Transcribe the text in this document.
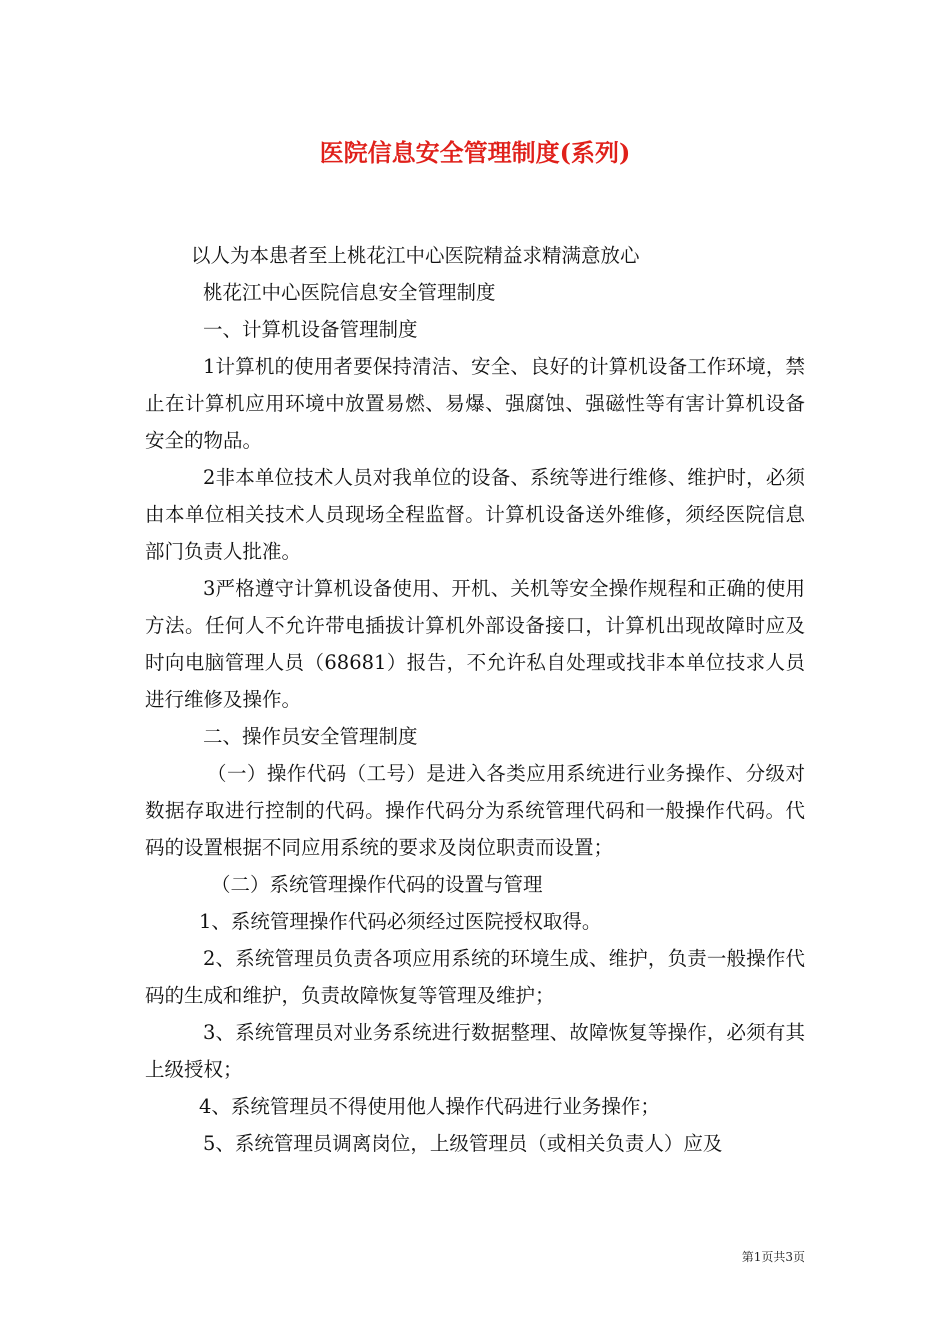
医院信息安全管理制度(系列)

以人为本患者至上桃花江中心医院精益求精满意放心

桃花江中心医院信息安全管理制度

一、计算机设备管理制度

1计算机的使用者要保持清洁、安全、良好的计算机设备工作环境，禁止在计算机应用环境中放置易燃、易爆、强腐蚀、强磁性等有害计算机设备安全的物品。

2非本单位技术人员对我单位的设备、系统等进行维修、维护时，必须由本单位相关技术人员现场全程监督。计算机设备送外维修，须经医院信息部门负责人批准。

3严格遵守计算机设备使用、开机、关机等安全操作规程和正确的使用方法。任何人不允许带电插拔计算机外部设备接口，计算机出现故障时应及时向电脑管理人员（68681）报告，不允许私自处理或找非本单位技求人员进行维修及操作。

二、操作员安全管理制度

（一）操作代码（工号）是进入各类应用系统进行业务操作、分级对数据存取进行控制的代码。操作代码分为系统管理代码和一般操作代码。代码的设置根据不同应用系统的要求及岗位职责而设置；

（二）系统管理操作代码的设置与管理

1、系统管理操作代码必须经过医院授权取得。

2、系统管理员负责各项应用系统的环境生成、维护，负责一般操作代码的生成和维护，负责故障恢复等管理及维护；

3、系统管理员对业务系统进行数据整理、故障恢复等操作，必须有其上级授权；

4、系统管理员不得使用他人操作代码进行业务操作；

5、系统管理员调离岗位，上级管理员（或相关负责人）应及

第1页共3页
